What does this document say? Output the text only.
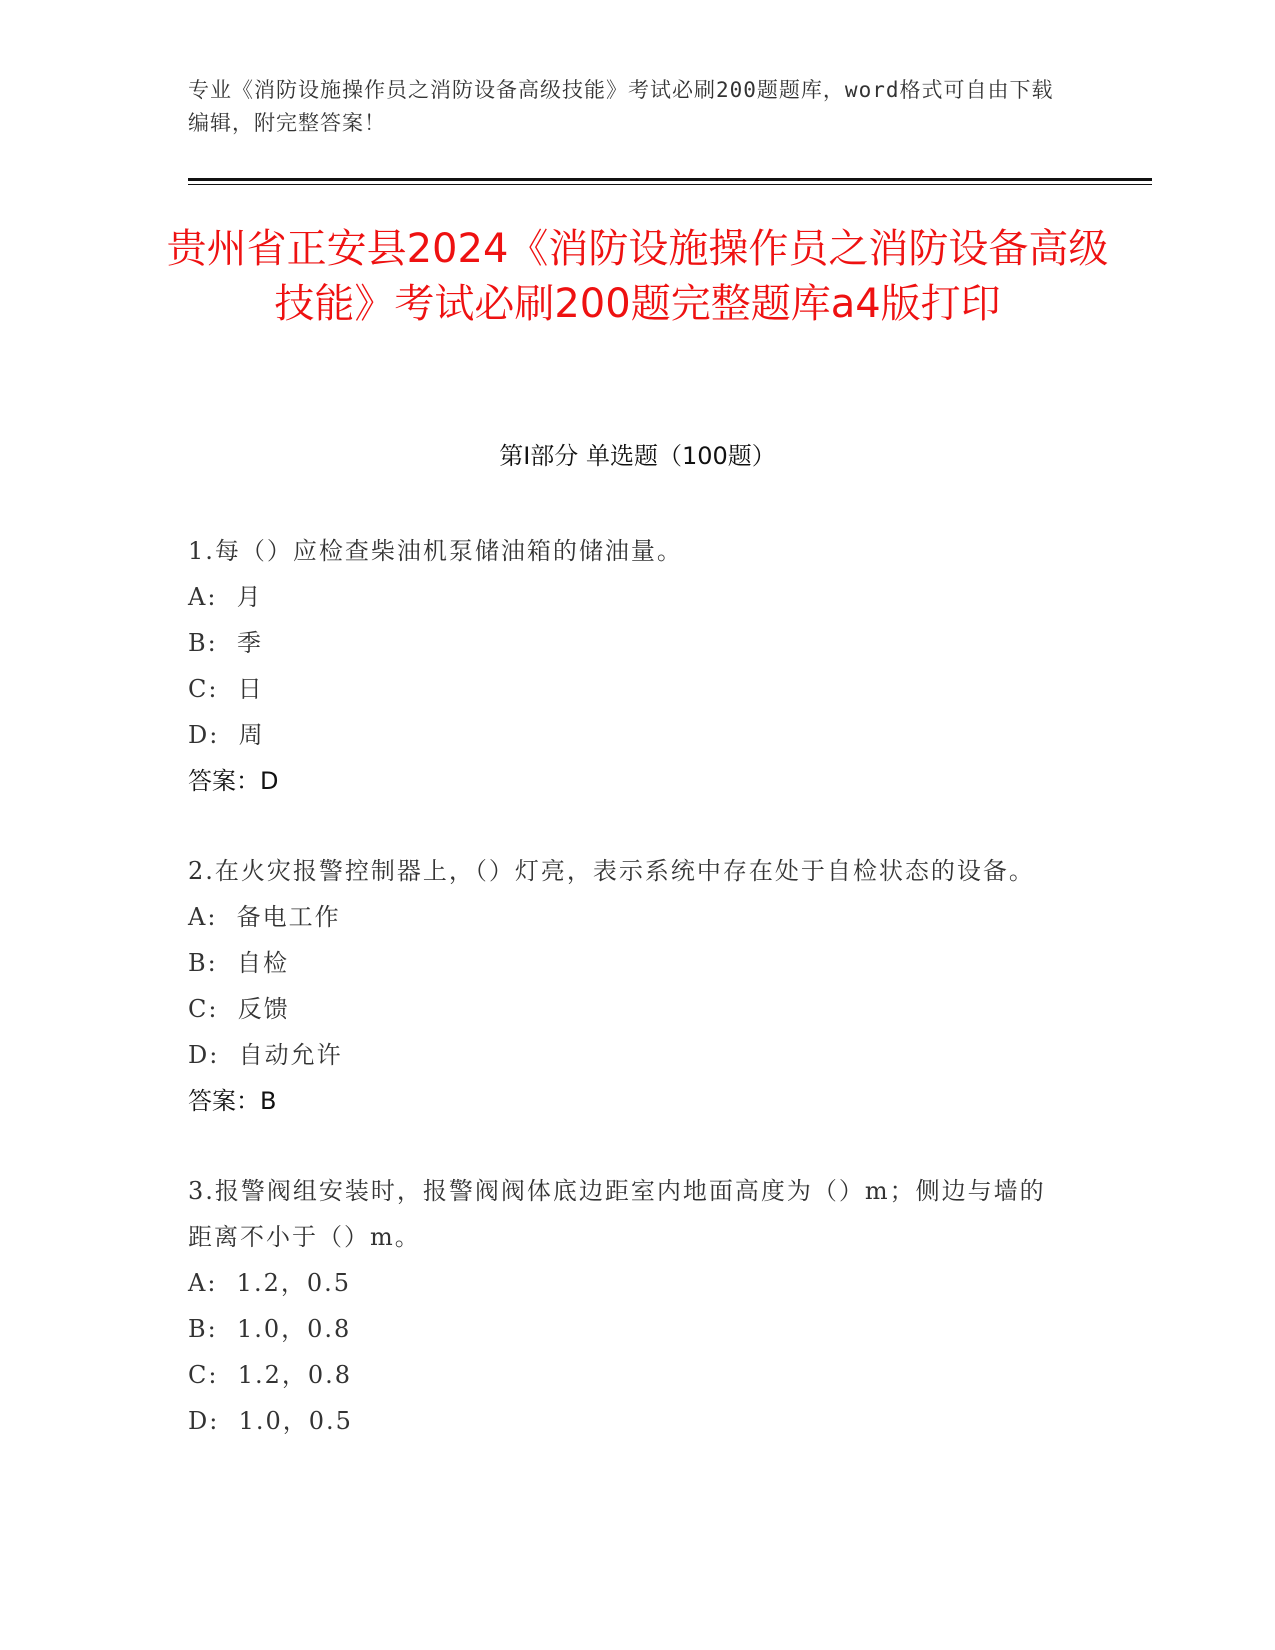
专业《消防设施操作员之消防设备高级技能》考试必刷200题题库，word格式可自由下载编辑，附完整答案！
贵州省正安县2024《消防设施操作员之消防设备高级技能》考试必刷200题完整题库a4版打印
第I部分 单选题（100题）
1.每（）应检查柴油机泵储油箱的储油量。
A:  月
B:  季
C:  日
D:  周
答案：D
2.在火灾报警控制器上，（）灯亮，表示系统中存在处于自检状态的设备。
A:  备电工作
B:  自检
C:  反馈
D:  自动允许
答案：B
3.报警阀组安装时，报警阀阀体底边距室内地面高度为（）m；侧边与墙的距离不小于（）m。
A:  1.2，0.5
B:  1.0，0.8
C:  1.2，0.8
D:  1.0，0.5
